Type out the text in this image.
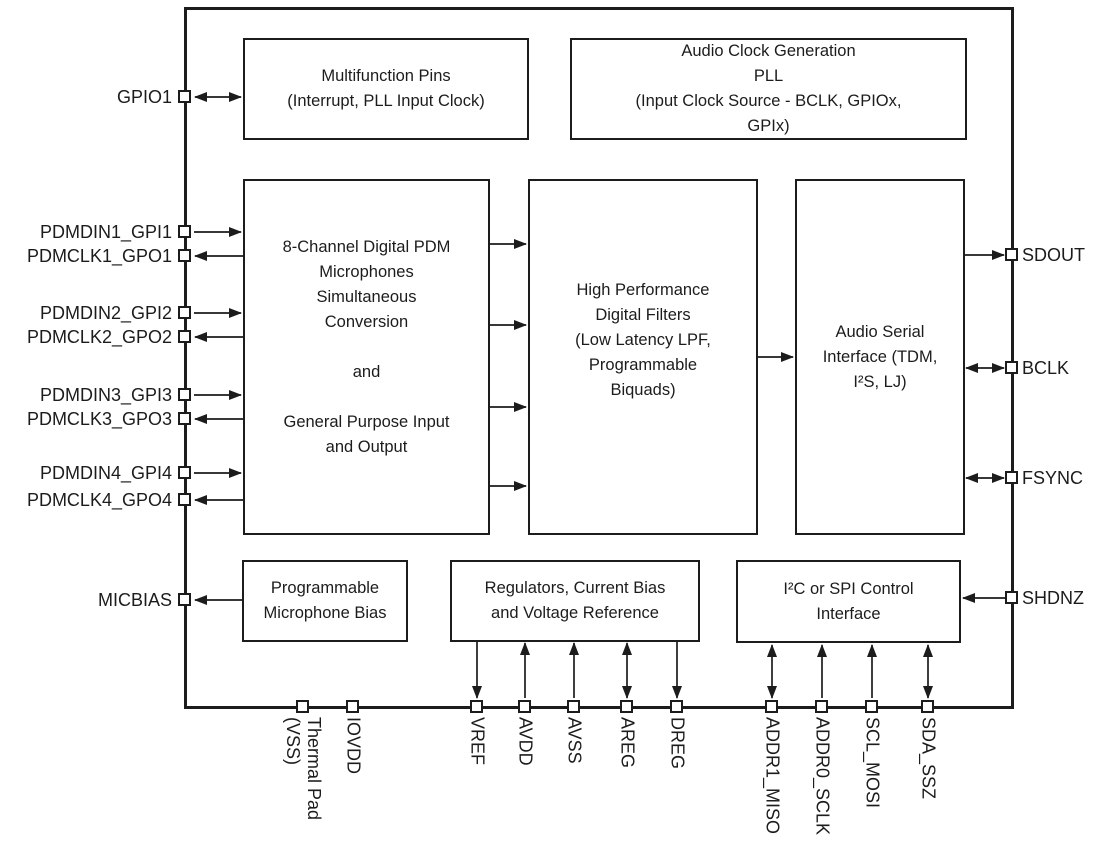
Multifunction Pins
(Interrupt, PLL Input Clock)
Audio Clock Generation
PLL
(Input Clock Source - BCLK, GPIOx,
GPIx)
8-Channel Digital PDM
Microphones
Simultaneous
Conversion
and
General Purpose Input
and Output
High Performance
Digital Filters
(Low Latency LPF,
Programmable
Biquads)
Audio Serial
Interface (TDM,
I²S, LJ)
Programmable
Microphone Bias
Regulators, Current Bias
and Voltage Reference
I²C or SPI Control
Interface
GPIO1
PDMDIN1_GPI1
PDMCLK1_GPO1
PDMDIN2_GPI2
PDMCLK2_GPO2
PDMDIN3_GPI3
PDMCLK3_GPO3
PDMDIN4_GPI4
PDMCLK4_GPO4
MICBIAS
SDOUT
BCLK
FSYNC
SHDNZ
Thermal Pad
(VSS) IOVDD	VREF AVDD AVSS AREG DREG	ADDR1_MISO ADDR0_SCLK SCL_MOSI SDA_SSZ
